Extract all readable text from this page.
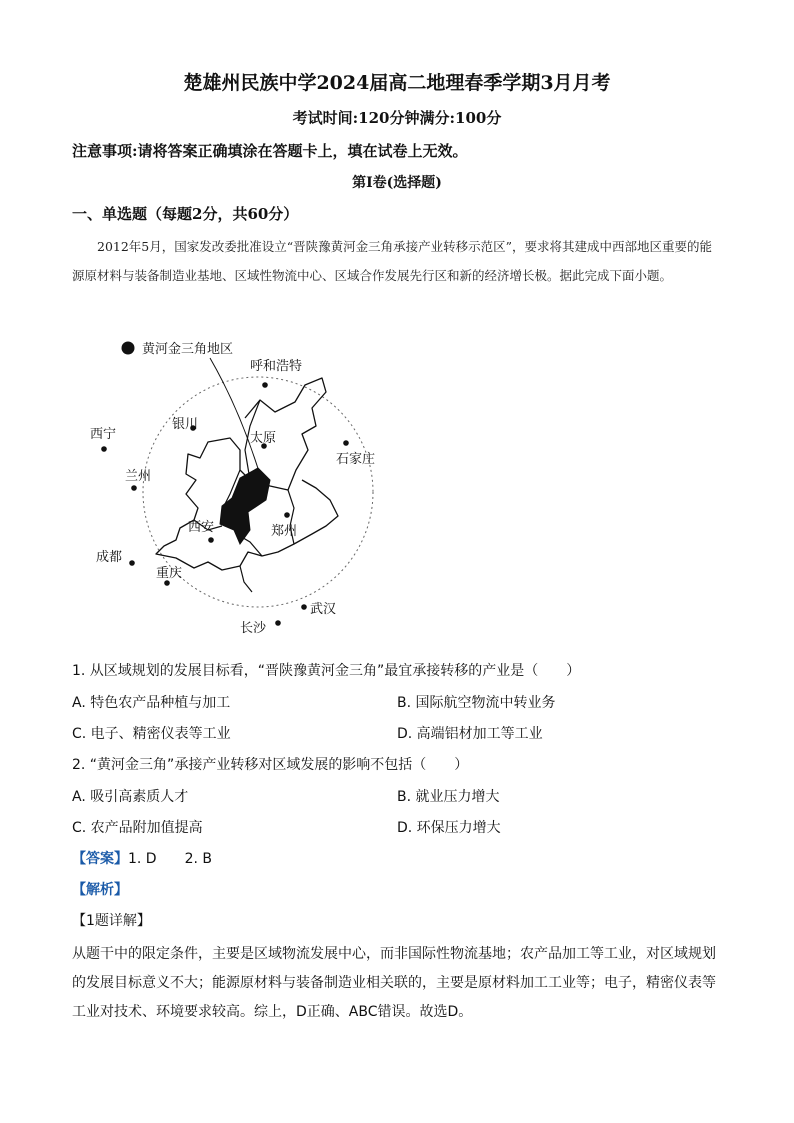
楚雄州民族中学2024届高二地理春季学期3月月考
考试时间:120分钟满分:100分
注意事项:请将答案正确填涂在答题卡上，填在试卷上无效。
第Ⅰ卷(选择题)
一、单选题（每题2分，共60分）
2012年5月，国家发改委批准设立“晋陕豫黄河金三角承接产业转移示范区”，要求将其建成中西部地区重要的能源原材料与装备制造业基地、区域性物流中心、区域合作发展先行区和新的经济增长极。据此完成下面小题。
黄河金三角地区
呼和浩特
银川
西宁	太原
石家庄
兰州
西安	郑州
成都
重庆
武汉
长沙
1. 从区域规划的发展目标看，“晋陕豫黄河金三角”最宜承接转移的产业是（　　）
A. 特色农产品种植与加工	B. 国际航空物流中转业务
C. 电子、精密仪表等工业	D. 高端铝材加工等工业
2. “黄河金三角”承接产业转移对区域发展的影响不包括（　　）
A. 吸引高素质人才	B. 就业压力增大
C. 农产品附加值提高	D. 环保压力增大
【答案】1. D　　2. B
【解析】
【1题详解】
从题干中的限定条件，主要是区域物流发展中心，而非国际性物流基地；农产品加工等工业，对区域规划的发展目标意义不大；能源原材料与装备制造业相关联的，主要是原材料加工工业等；电子，精密仪表等工业对技术、环境要求较高。综上，D正确、ABC错误。故选D。
